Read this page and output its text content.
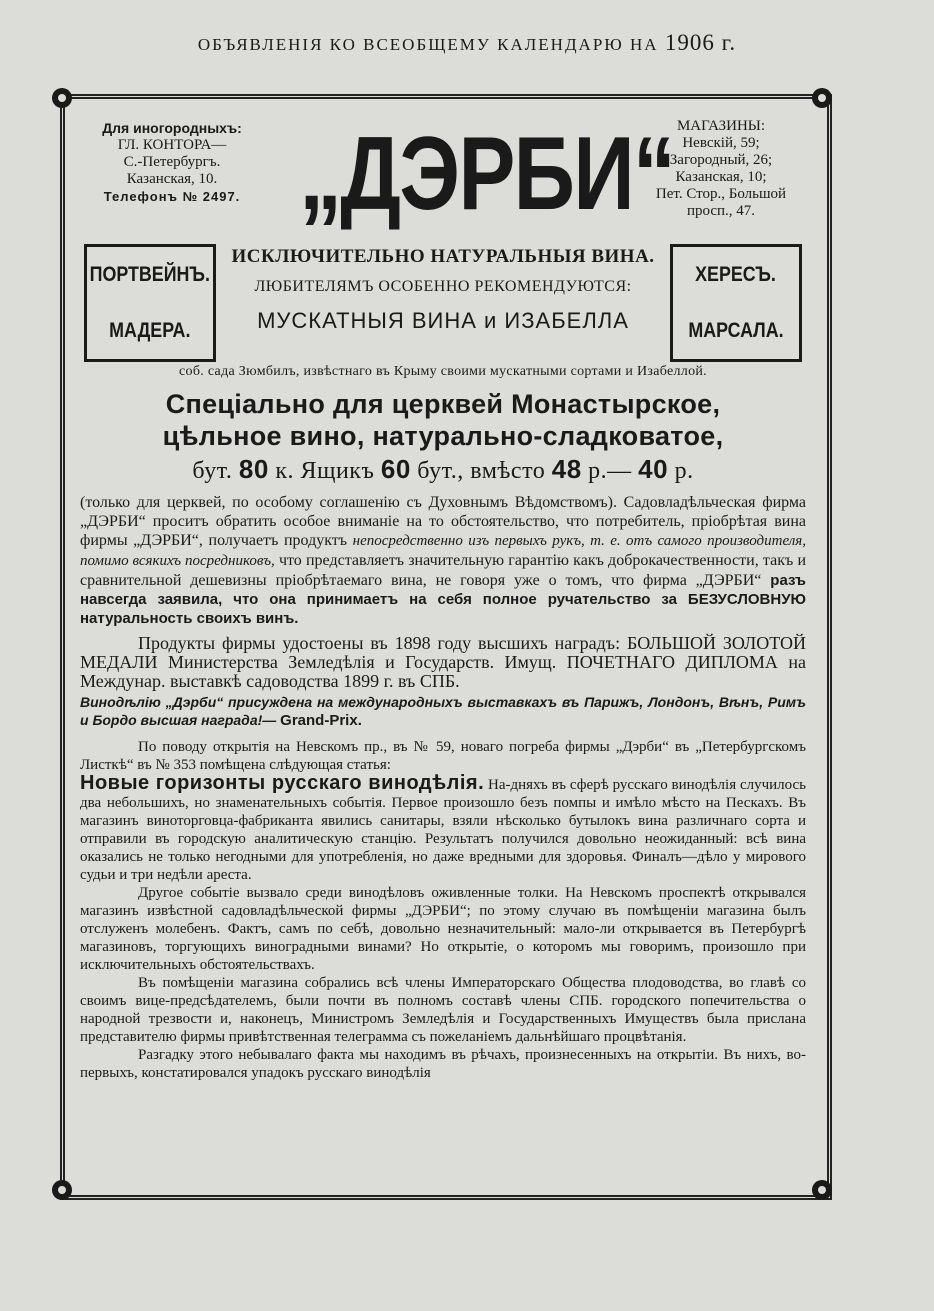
ОБЪЯВЛЕНІЯ КО ВСЕОБЩЕМУ КАЛЕНДАРЮ НА 1906 г.
Для иногородныхъ:
ГЛ. КОНТОРА—
С.-Петербургъ.
Казанская, 10.
Телефонъ № 2497. „ДЭРБИ“ МАГАЗИНЫ:
Невскій, 59;
Загородный, 26;
Казанская, 10;
Пет. Стор., Большой
просп., 47.
ПОРТВЕЙНЪ.
МАДЕРА.
ИСКЛЮЧИТЕЛЬНО НАТУРАЛЬНЫЯ ВИНА.
ЛЮБИТЕЛЯМЪ ОСОБЕННО РЕКОМЕНДУЮТСЯ:
МУСКАТНЫЯ ВИНА и ИЗАБЕЛЛА
ХЕРЕСЪ.
МАРСАЛА.
соб. сада Зюмбилъ, извѣстнаго въ Крыму своими мускатными сортами и Изабеллой.
Спеціально для церквей Монастырское,
цѣльное вино, натурально-сладковатое,
бут. 80 к. Ящикъ 60 бут., вмѣсто 48 р.— 40 р.
(только для церквей, по особому соглашенію съ Духовнымъ Вѣдомствомъ). Садовладѣльческая фирма „ДЭРБИ“ проситъ обратить особое вниманіе на то обстоятельство, что потребитель, пріобрѣтая вина фирмы „ДЭРБИ“, получаетъ продуктъ непосредственно изъ первыхъ рукъ, т. е. отъ самого производителя, помимо всякихъ посредниковъ, что представляетъ значительную гарантію какъ доброкачественности, такъ и сравнительной дешевизны пріобрѣтаемаго вина, не говоря уже о томъ, что фирма „ДЭРБИ“ разъ навсегда заявила, что она принимаетъ на себя полное ручательство за БЕЗУСЛОВНУЮ натуральность своихъ винъ.
Продукты фирмы удостоены въ 1898 году высшихъ наградъ: БОЛЬШОЙ ЗОЛОТОЙ МЕДАЛИ Министерства Земледѣлія и Государств. Имущ. ПОЧЕТНАГО ДИПЛОМА на Междунар. выставкѣ садоводства 1899 г. въ СПБ.
Винодѣлію „Дэрби“ присуждена на международныхъ выставкахъ въ Парижъ, Лондонъ, Вѣнъ, Римъ и Бордо высшая награда!— Grand-Prix.
По поводу открытія на Невскомъ пр., въ № 59, новаго погреба фирмы „Дэрби“ въ „Петербургскомъ Листкѣ“ въ № 353 помѣщена слѣдующая статья:
Новые горизонты русскаго винодѣлія. На-дняхъ въ сферѣ русскаго винодѣлія случилось два небольшихъ, но знаменательныхъ событія. Первое произошло безъ помпы и имѣло мѣсто на Пескахъ. Въ магазинъ виноторговца-фабриканта явились санитары, взяли нѣсколько бутылокъ вина различнаго сорта и отправили въ городскую аналитическую станцію. Результатъ получился довольно неожиданный: всѣ вина оказались не только негодными для употребленія, но даже вредными для здоровья. Финалъ—дѣло у мирового судьи и три недѣли ареста.
Другое событіе вызвало среди винодѣловъ оживленные толки. На Невскомъ проспектѣ открывался магазинъ извѣстной садовладѣльческой фирмы „ДЭРБИ“; по этому случаю въ помѣщеніи магазина былъ отслуженъ молебенъ. Фактъ, самъ по себѣ, довольно незначительный: мало-ли открывается въ Петербургѣ магазиновъ, торгующихъ виноградными винами? Но открытіе, о которомъ мы говоримъ, произошло при исключительныхъ обстоятельствахъ.
Въ помѣщеніи магазина собрались всѣ члены Императорскаго Общества плодоводства, во главѣ со своимъ вице-предсѣдателемъ, были почти въ полномъ составѣ члены СПБ. городского попечительства о народной трезвости и, наконецъ, Министромъ Земледѣлія и Государственныхъ Имуществъ была прислана представителю фирмы привѣтственная телеграмма съ пожеланіемъ дальнѣйшаго процвѣтанія.
Разгадку этого небывалаго факта мы находимъ въ рѣчахъ, произнесенныхъ на открытіи. Въ нихъ, во-первыхъ, констатировался упадокъ русскаго винодѣлія
